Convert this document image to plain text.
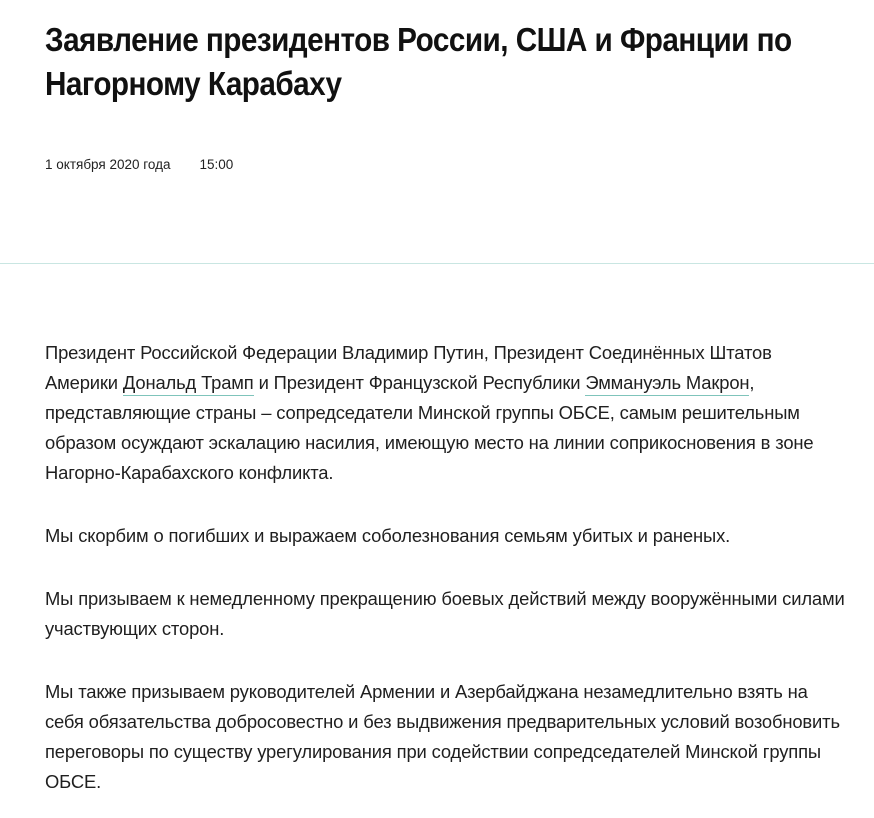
Заявление президентов России, США и Франции по Нагорному Карабаху
1 октября 2020 года 15:00

Президент Российской Федерации Владимир Путин, Президент Соединённых Штатов Америки Дональд Трамп и Президент Французской Республики Эммануэль Макрон, представляющие страны – сопредседатели Минской группы ОБСЕ, самым решительным образом осуждают эскалацию насилия, имеющую место на линии соприкосновения в зоне Нагорно-Карабахского конфликта.

Мы скорбим о погибших и выражаем соболезнования семьям убитых и раненых.

Мы призываем к немедленному прекращению боевых действий между вооружёнными силами участвующих сторон.

Мы также призываем руководителей Армении и Азербайджана незамедлительно взять на себя обязательства добросовестно и без выдвижения предварительных условий возобновить переговоры по существу урегулирования при содействии сопредседателей Минской группы ОБСЕ.
